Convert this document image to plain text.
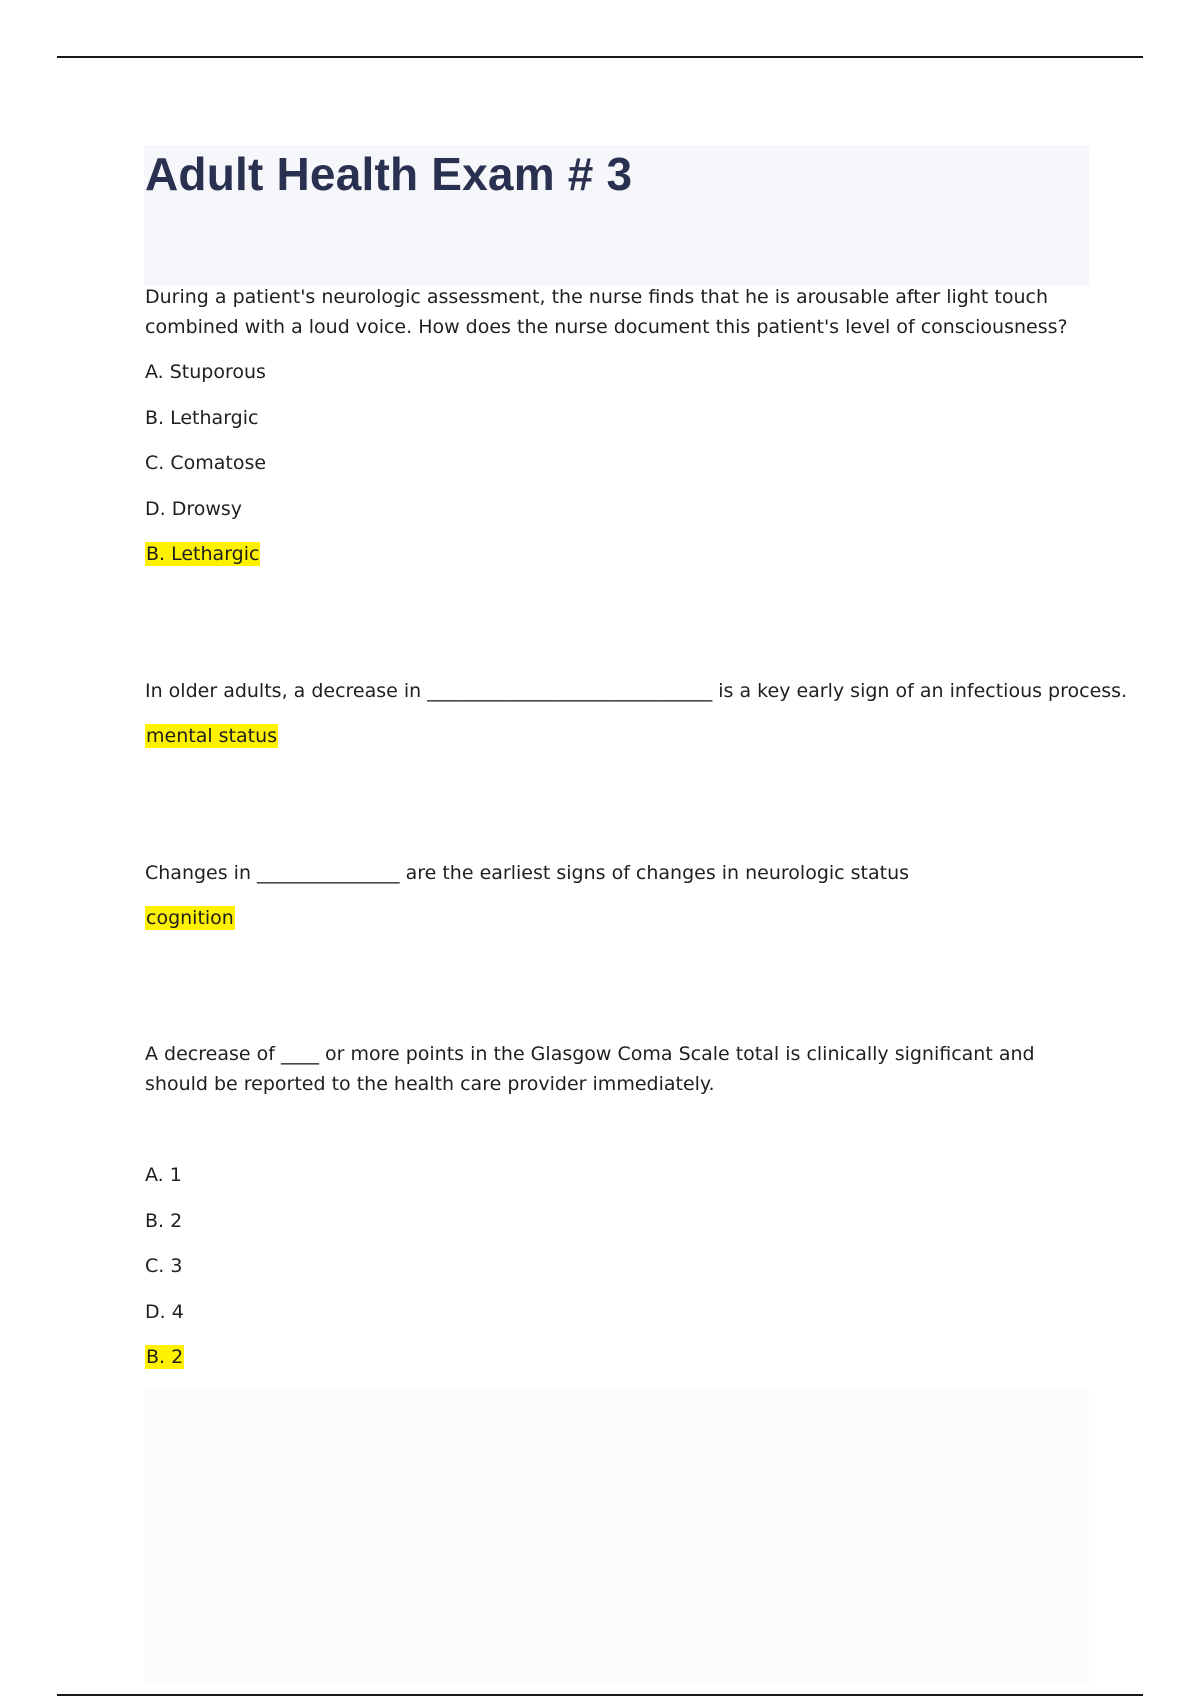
Adult Health Exam # 3

During a patient's neurologic assessment, the nurse finds that he is arousable after light touch combined with a loud voice. How does the nurse document this patient's level of consciousness?

A. Stuporous

B. Lethargic

C. Comatose

D. Drowsy

B. Lethargic

In older adults, a decrease in ______________________________ is a key early sign of an infectious process.

mental status

Changes in _______________ are the earliest signs of changes in neurologic status

cognition

A decrease of ____ or more points in the Glasgow Coma Scale total is clinically significant and should be reported to the health care provider immediately.

A. 1

B. 2

C. 3

D. 4

B. 2
